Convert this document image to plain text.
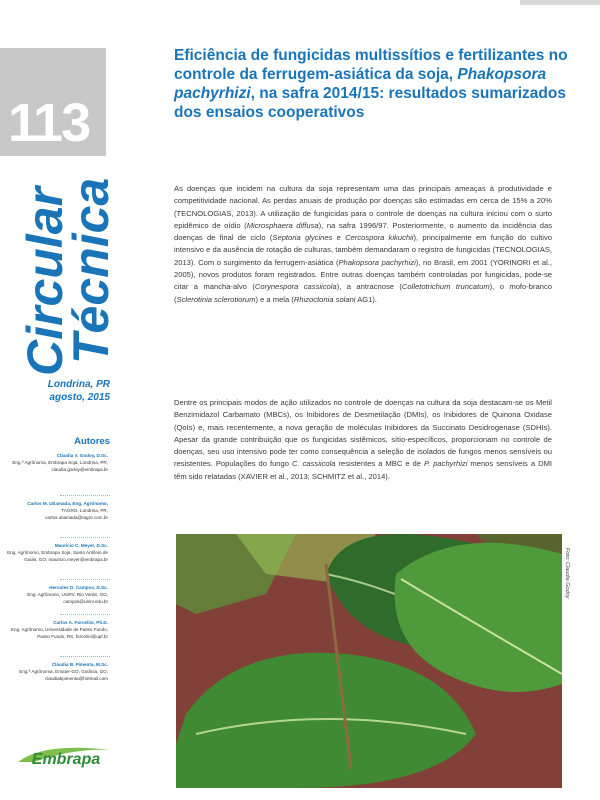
113
Circular
Técnica
Londrina, PR
agosto, 2015
Autores
Cláudia V. Godoy, D.Sc.
Eng.ª Agrônoma, Embrapa Soja, Londrina, PR, claudia.godoy@embrapa.br
Carlos M. Utiamada, Eng. Agrônomo,
TAGRO, Londrina, PR, carlos.utiamada@tagro.com.br
Maurício C. Meyer, D.Sc.
Eng. Agrônomo, Embrapa Soja, Santo Antônio de Goiás, GO, mauricio.meyer@embrapa.br
Hercules D. Campos, D.Sc.
Eng. Agrônomo, UniRV, Rio Verde, GO, campos@unirv.edu.br
Carlos A. Forcelini, Ph.D.
Eng. Agrônomo, Universidade de Passo Fundo, Passo Fundo, RS, forcelini@upf.br
Cláudia B. Pimenta, M.Sc.
Eng.ª Agrônoma, Emater-GO, Goiânia, GO, claudiabpimenta@hotmail.com
Embrapa
Eficiência de fungicidas multissítios e fertilizantes no controle da ferrugem-asiática da soja, Phakopsora pachyrhizi, na safra 2014/15: resultados sumarizados dos ensaios cooperativos

As doenças que incidem na cultura da soja representam uma das principais ameaças à produtividade e competitividade nacional. As perdas anuais de produção por doenças são estimadas em cerca de 15% a 20% (TECNOLOGIAS, 2013). A utilização de fungicidas para o controle de doenças na cultura iniciou com o surto epidêmico de oídio (Microsphaera diffusa), na safra 1996/97. Posteriormente, o aumento da incidência das doenças de final de ciclo (Septoria glycines e Cercospora kikuchii), principalmente em função do cultivo intensivo e da ausência de rotação de culturas, também demandaram o registro de fungicidas (TECNOLOGIAS, 2013). Com o surgimento da ferrugem-asiática (Phakopsora pachyrhizi), no Brasil, em 2001 (YORINORI et al., 2005), novos produtos foram registrados. Entre outras doenças também controladas por fungicidas, pode-se citar a mancha-alvo (Corynespora cassiicola), a antracnose (Colletotrichum truncatum), o mofo-branco (Sclerotinia sclerotiorum) e a mela (Rhizoctonia solani AG1).

Dentre os principais modos de ação utilizados no controle de doenças na cultura da soja destacam-se os Metil Benzimidazol Carbamato (MBCs), os Inibidores de Desmetilação (DMIs), os Inibidores de Quinona Oxidase (QoIs) e, mais recentemente, a nova geração de moléculas Inibidores da Succinato Desidrogenase (SDHIs). Apesar da grande contribuição que os fungicidas sistêmicos, sítio-específicos, proporcionam no controle de doenças, seu uso intensivo pode ter como consequência a seleção de isolados de fungos menos sensíveis ou resistentes. Populações do fungo C. cassiicola resistentes a MBC e de P. pachyrhizi menos sensíveis a DMI têm sido relatadas (XAVIER et al., 2013; SCHMITZ et al., 2014).

Foto: Claudia Godoy
